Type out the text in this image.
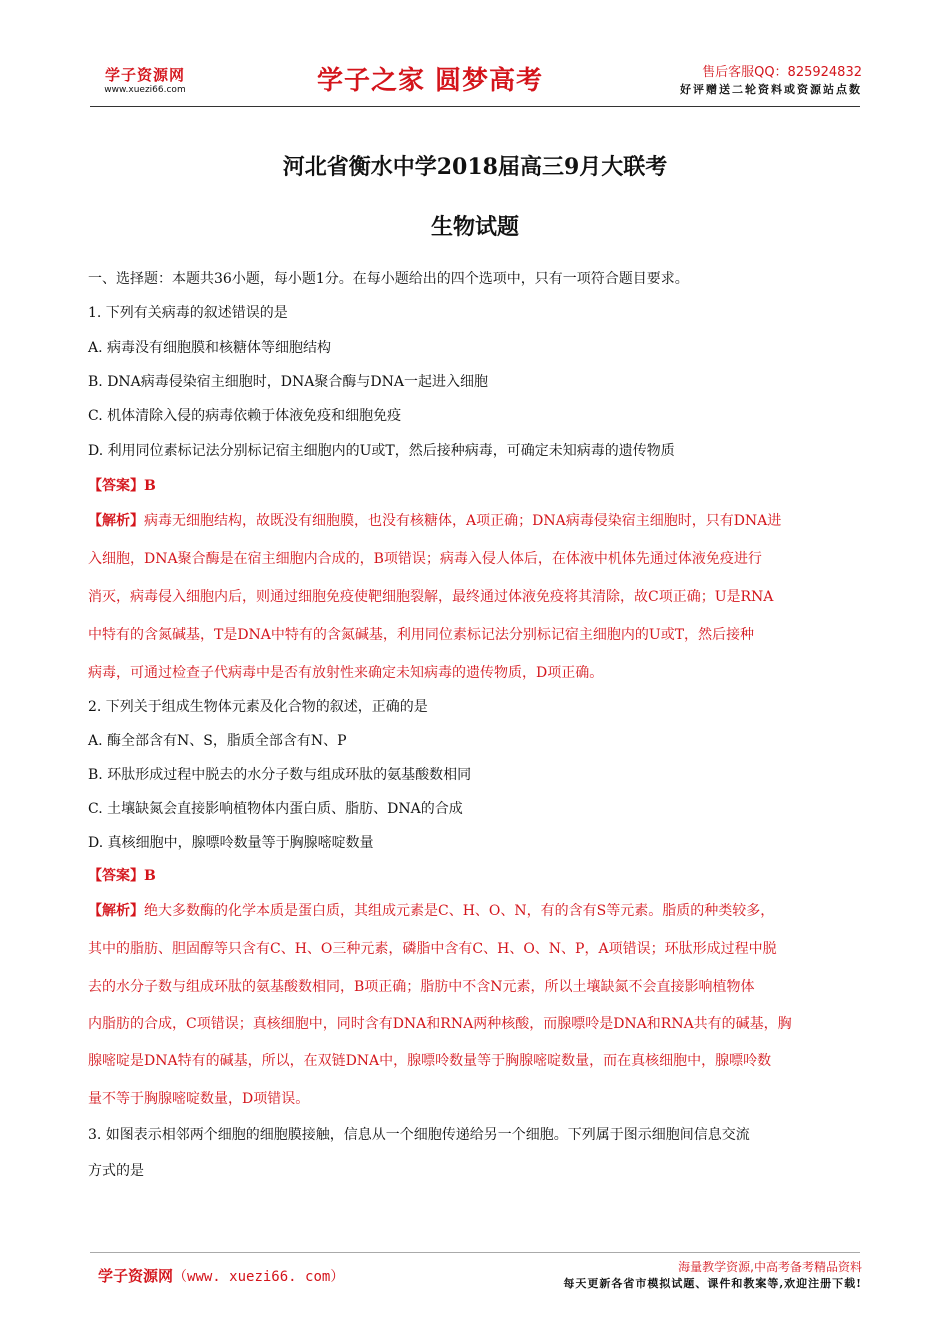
学子资源网
www.xuezi66.com	学子之家 圆梦高考	售后客服QQ：825924832
好评赠送二轮资料或资源站点数
河北省衡水中学2018届高三9月大联考
生物试题
一、选择题：本题共36小题，每小题1分。在每小题给出的四个选项中，只有一项符合题目要求。
1. 下列有关病毒的叙述错误的是
A. 病毒没有细胞膜和核糖体等细胞结构
B. DNA病毒侵染宿主细胞时，DNA聚合酶与DNA一起进入细胞
C. 机体清除入侵的病毒依赖于体液免疫和细胞免疫
D. 利用同位素标记法分别标记宿主细胞内的U或T，然后接种病毒，可确定未知病毒的遗传物质
【答案】B
【解析】病毒无细胞结构，故既没有细胞膜，也没有核糖体，A项正确；DNA病毒侵染宿主细胞时，只有DNA进
入细胞，DNA聚合酶是在宿主细胞内合成的，B项错误；病毒入侵人体后，在体液中机体先通过体液免疫进行
消灭，病毒侵入细胞内后，则通过细胞免疫使靶细胞裂解，最终通过体液免疫将其清除，故C项正确；U是RNA
中特有的含氮碱基，T是DNA中特有的含氮碱基，利用同位素标记法分别标记宿主细胞内的U或T，然后接种
病毒，可通过检查子代病毒中是否有放射性来确定未知病毒的遗传物质，D项正确。
2. 下列关于组成生物体元素及化合物的叙述，正确的是
A. 酶全部含有N、S，脂质全部含有N、P
B. 环肽形成过程中脱去的水分子数与组成环肽的氨基酸数相同
C. 土壤缺氮会直接影响植物体内蛋白质、脂肪、DNA的合成
D. 真核细胞中，腺嘌呤数量等于胸腺嘧啶数量
【答案】B
【解析】绝大多数酶的化学本质是蛋白质，其组成元素是C、H、O、N，有的含有S等元素。脂质的种类较多，
其中的脂肪、胆固醇等只含有C、H、O三种元素，磷脂中含有C、H、O、N、P，A项错误；环肽形成过程中脱
去的水分子数与组成环肽的氨基酸数相同，B项正确；脂肪中不含N元素，所以土壤缺氮不会直接影响植物体
内脂肪的合成，C项错误；真核细胞中，同时含有DNA和RNA两种核酸，而腺嘌呤是DNA和RNA共有的碱基，胸
腺嘧啶是DNA特有的碱基，所以，在双链DNA中，腺嘌呤数量等于胸腺嘧啶数量，而在真核细胞中，腺嘌呤数
量不等于胸腺嘧啶数量，D项错误。
3. 如图表示相邻两个细胞的细胞膜接触，信息从一个细胞传递给另一个细胞。下列属于图示细胞间信息交流
方式的是
学子资源网（www. xuezi66. com）
海量教学资源,中高考备考精品资料
每天更新各省市模拟试题、课件和教案等,欢迎注册下载!
